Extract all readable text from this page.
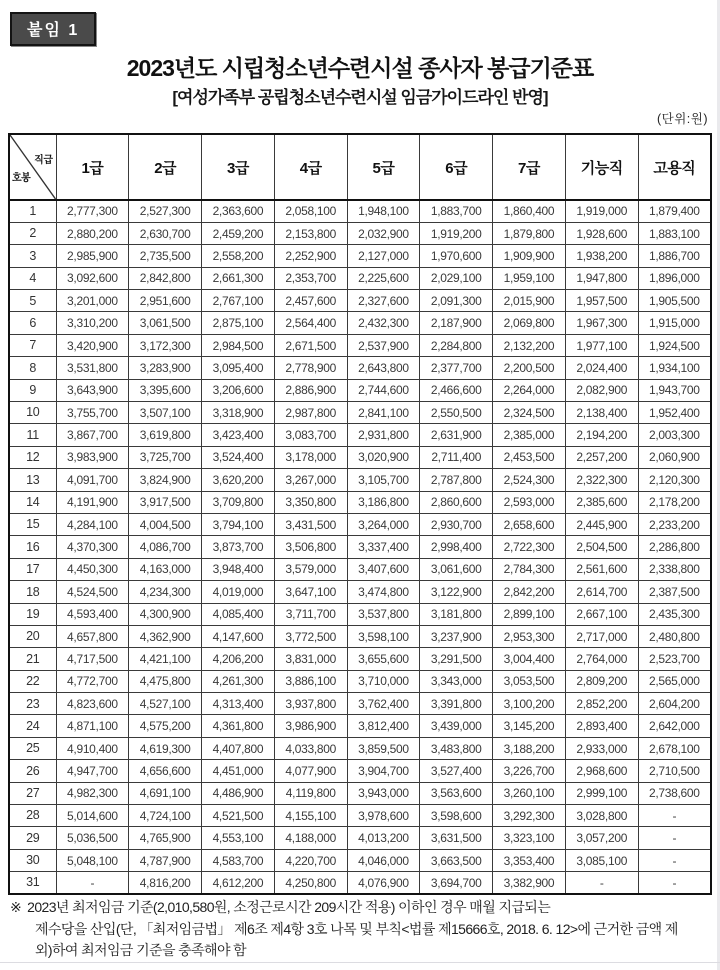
붙임 1
2023년도 시립청소년수련시설 종사자 봉급기준표
[여성가족부 공립청소년수련시설 임금가이드라인 반영]
(단위:원)
직급
호봉	1급	2급	3급	4급	5급	6급	7급	기능직	고용직
1	2,777,300	2,527,300	2,363,600	2,058,100	1,948,100	1,883,700	1,860,400	1,919,000	1,879,400
2	2,880,200	2,630,700	2,459,200	2,153,800	2,032,900	1,919,200	1,879,800	1,928,600	1,883,100
3	2,985,900	2,735,500	2,558,200	2,252,900	2,127,000	1,970,600	1,909,900	1,938,200	1,886,700
4	3,092,600	2,842,800	2,661,300	2,353,700	2,225,600	2,029,100	1,959,100	1,947,800	1,896,000
5	3,201,000	2,951,600	2,767,100	2,457,600	2,327,600	2,091,300	2,015,900	1,957,500	1,905,500
6	3,310,200	3,061,500	2,875,100	2,564,400	2,432,300	2,187,900	2,069,800	1,967,300	1,915,000
7	3,420,900	3,172,300	2,984,500	2,671,500	2,537,900	2,284,800	2,132,200	1,977,100	1,924,500
8	3,531,800	3,283,900	3,095,400	2,778,900	2,643,800	2,377,700	2,200,500	2,024,400	1,934,100
9	3,643,900	3,395,600	3,206,600	2,886,900	2,744,600	2,466,600	2,264,000	2,082,900	1,943,700
10	3,755,700	3,507,100	3,318,900	2,987,800	2,841,100	2,550,500	2,324,500	2,138,400	1,952,400
11	3,867,700	3,619,800	3,423,400	3,083,700	2,931,800	2,631,900	2,385,000	2,194,200	2,003,300
12	3,983,900	3,725,700	3,524,400	3,178,000	3,020,900	2,711,400	2,453,500	2,257,200	2,060,900
13	4,091,700	3,824,900	3,620,200	3,267,000	3,105,700	2,787,800	2,524,300	2,322,300	2,120,300
14	4,191,900	3,917,500	3,709,800	3,350,800	3,186,800	2,860,600	2,593,000	2,385,600	2,178,200
15	4,284,100	4,004,500	3,794,100	3,431,500	3,264,000	2,930,700	2,658,600	2,445,900	2,233,200
16	4,370,300	4,086,700	3,873,700	3,506,800	3,337,400	2,998,400	2,722,300	2,504,500	2,286,800
17	4,450,300	4,163,000	3,948,400	3,579,000	3,407,600	3,061,600	2,784,300	2,561,600	2,338,800
18	4,524,500	4,234,300	4,019,000	3,647,100	3,474,800	3,122,900	2,842,200	2,614,700	2,387,500
19	4,593,400	4,300,900	4,085,400	3,711,700	3,537,800	3,181,800	2,899,100	2,667,100	2,435,300
20	4,657,800	4,362,900	4,147,600	3,772,500	3,598,100	3,237,900	2,953,300	2,717,000	2,480,800
21	4,717,500	4,421,100	4,206,200	3,831,000	3,655,600	3,291,500	3,004,400	2,764,000	2,523,700
22	4,772,700	4,475,800	4,261,300	3,886,100	3,710,000	3,343,000	3,053,500	2,809,200	2,565,000
23	4,823,600	4,527,100	4,313,400	3,937,800	3,762,400	3,391,800	3,100,200	2,852,200	2,604,200
24	4,871,100	4,575,200	4,361,800	3,986,900	3,812,400	3,439,000	3,145,200	2,893,400	2,642,000
25	4,910,400	4,619,300	4,407,800	4,033,800	3,859,500	3,483,800	3,188,200	2,933,000	2,678,100
26	4,947,700	4,656,600	4,451,000	4,077,900	3,904,700	3,527,400	3,226,700	2,968,600	2,710,500
27	4,982,300	4,691,100	4,486,900	4,119,800	3,943,000	3,563,600	3,260,100	2,999,100	2,738,600
28	5,014,600	4,724,100	4,521,500	4,155,100	3,978,600	3,598,600	3,292,300	3,028,800	-
29	5,036,500	4,765,900	4,553,100	4,188,000	4,013,200	3,631,500	3,323,100	3,057,200	-
30	5,048,100	4,787,900	4,583,700	4,220,700	4,046,000	3,663,500	3,353,400	3,085,100	-
31	-	4,816,200	4,612,200	4,250,800	4,076,900	3,694,700	3,382,900	-	-
※ 2023년 최저임금 기준(2,010,580원, 소정근로시간 209시간 적용) 이하인 경우 매월 지급되는
제수당을 산입(단, 「최저임금법」 제6조 제4항 3호 나목 및 부칙<법률 제15666호, 2018. 6. 12>에 근거한 금액 제
외)하여 최저임금 기준을 충족해야 함
